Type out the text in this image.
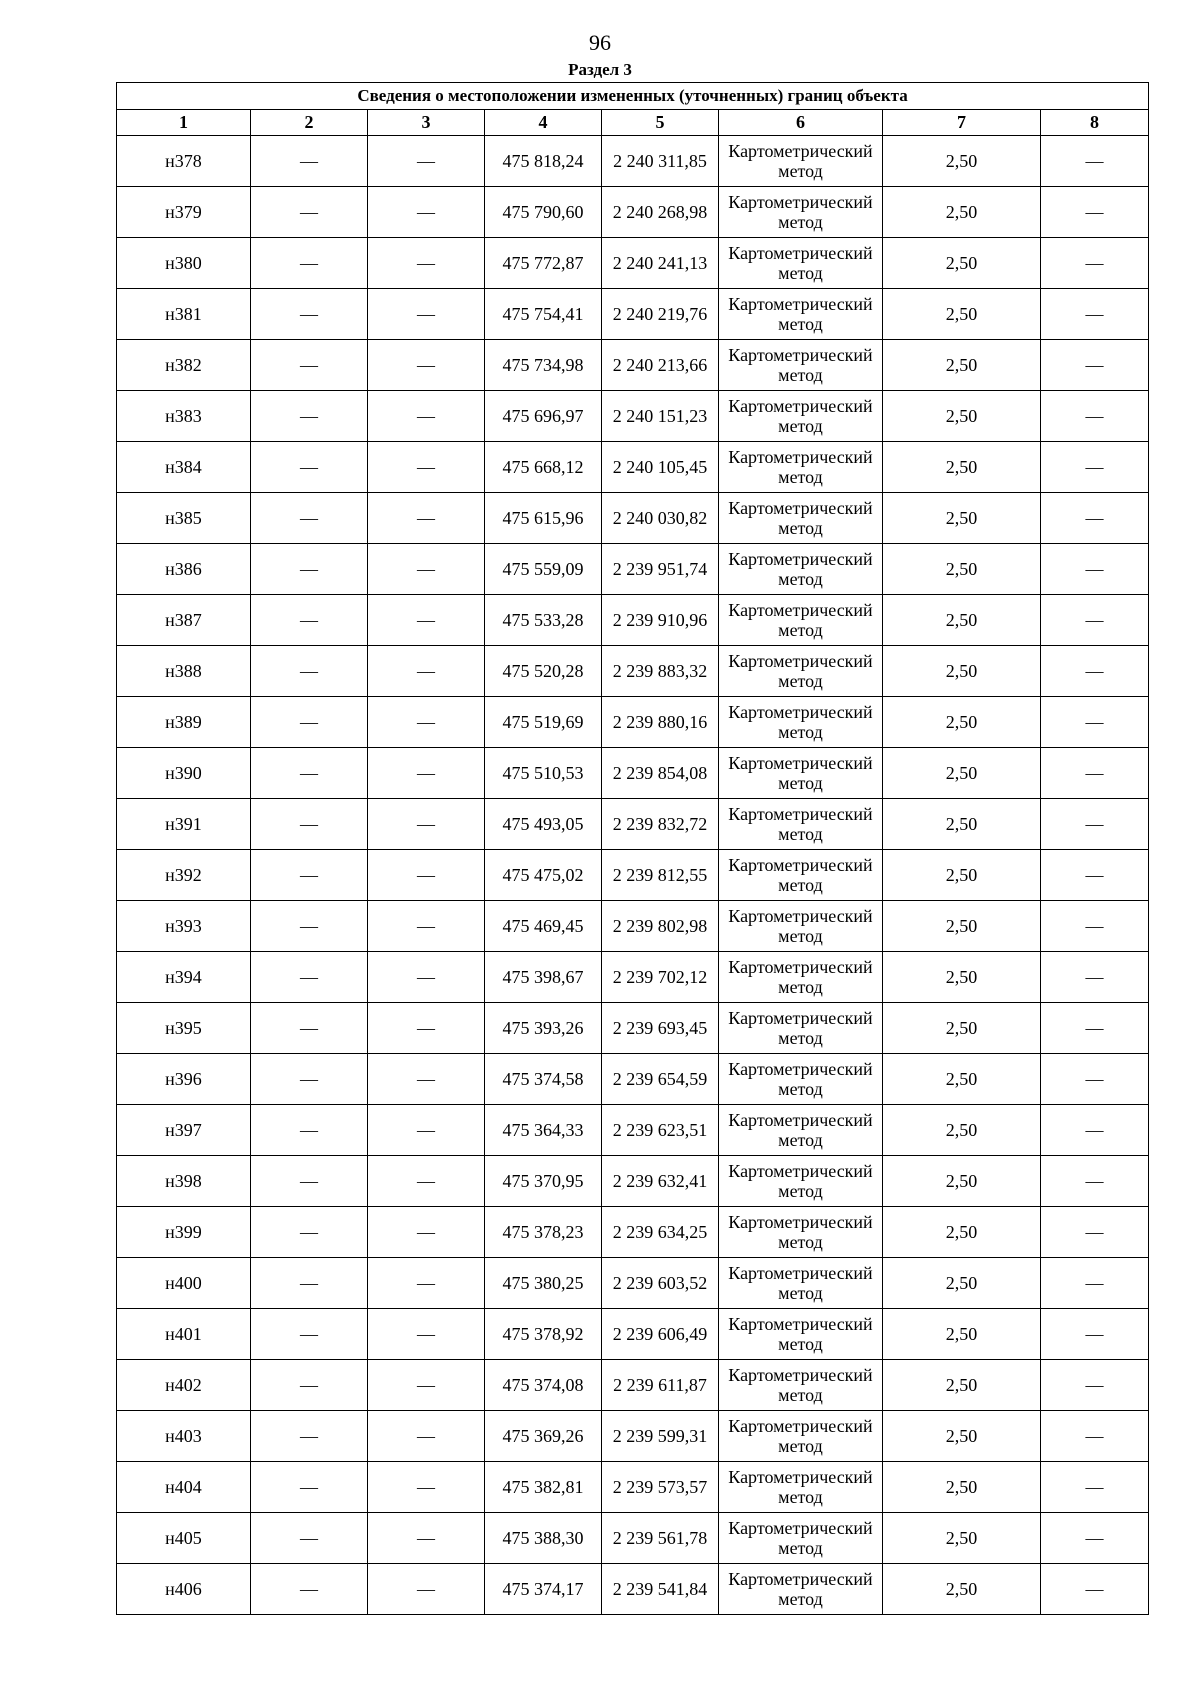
96
Раздел 3
Сведения о местоположении измененных (уточненных) границ объекта							
1	2	3	4	5	6	7	8
н378	—	—	475 818,24	2 240 311,85	Картометрический метод	2,50	—
н379	—	—	475 790,60	2 240 268,98	Картометрический метод	2,50	—
н380	—	—	475 772,87	2 240 241,13	Картометрический метод	2,50	—
н381	—	—	475 754,41	2 240 219,76	Картометрический метод	2,50	—
н382	—	—	475 734,98	2 240 213,66	Картометрический метод	2,50	—
н383	—	—	475 696,97	2 240 151,23	Картометрический метод	2,50	—
н384	—	—	475 668,12	2 240 105,45	Картометрический метод	2,50	—
н385	—	—	475 615,96	2 240 030,82	Картометрический метод	2,50	—
н386	—	—	475 559,09	2 239 951,74	Картометрический метод	2,50	—
н387	—	—	475 533,28	2 239 910,96	Картометрический метод	2,50	—
н388	—	—	475 520,28	2 239 883,32	Картометрический метод	2,50	—
н389	—	—	475 519,69	2 239 880,16	Картометрический метод	2,50	—
н390	—	—	475 510,53	2 239 854,08	Картометрический метод	2,50	—
н391	—	—	475 493,05	2 239 832,72	Картометрический метод	2,50	—
н392	—	—	475 475,02	2 239 812,55	Картометрический метод	2,50	—
н393	—	—	475 469,45	2 239 802,98	Картометрический метод	2,50	—
н394	—	—	475 398,67	2 239 702,12	Картометрический метод	2,50	—
н395	—	—	475 393,26	2 239 693,45	Картометрический метод	2,50	—
н396	—	—	475 374,58	2 239 654,59	Картометрический метод	2,50	—
н397	—	—	475 364,33	2 239 623,51	Картометрический метод	2,50	—
н398	—	—	475 370,95	2 239 632,41	Картометрический метод	2,50	—
н399	—	—	475 378,23	2 239 634,25	Картометрический метод	2,50	—
н400	—	—	475 380,25	2 239 603,52	Картометрический метод	2,50	—
н401	—	—	475 378,92	2 239 606,49	Картометрический метод	2,50	—
н402	—	—	475 374,08	2 239 611,87	Картометрический метод	2,50	—
н403	—	—	475 369,26	2 239 599,31	Картометрический метод	2,50	—
н404	—	—	475 382,81	2 239 573,57	Картометрический метод	2,50	—
н405	—	—	475 388,30	2 239 561,78	Картометрический метод	2,50	—
н406	—	—	475 374,17	2 239 541,84	Картометрический метод	2,50	—
